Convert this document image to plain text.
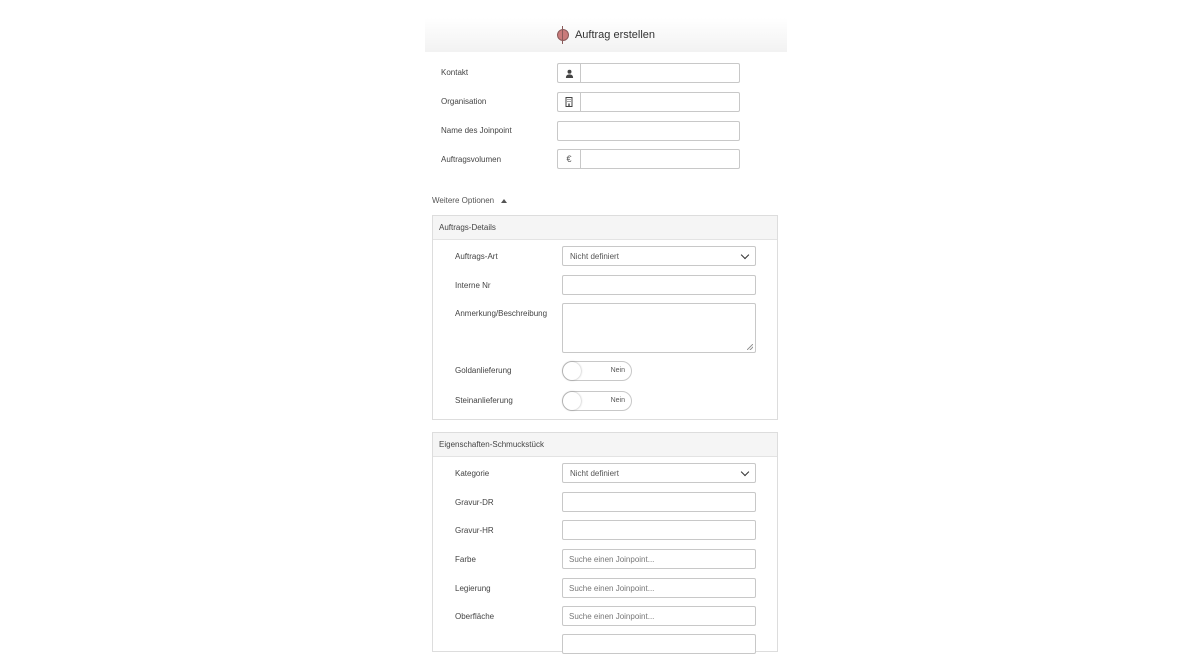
Auftrag erstellen
Kontakt
Organisation
Name des Joinpoint
Auftragsvolumen	€
Weitere Optionen
Auftrags-Details
Auftrags-Art	Nicht definiert
Interne Nr
Anmerkung/Beschreibung
Goldanlieferung	Nein
Steinanlieferung	Nein
Eigenschaften-Schmuckstück
Kategorie	Nicht definiert
Gravur-DR
Gravur-HR
Farbe	Suche einen Joinpoint...
Legierung	Suche einen Joinpoint...
Oberfläche	Suche einen Joinpoint...
